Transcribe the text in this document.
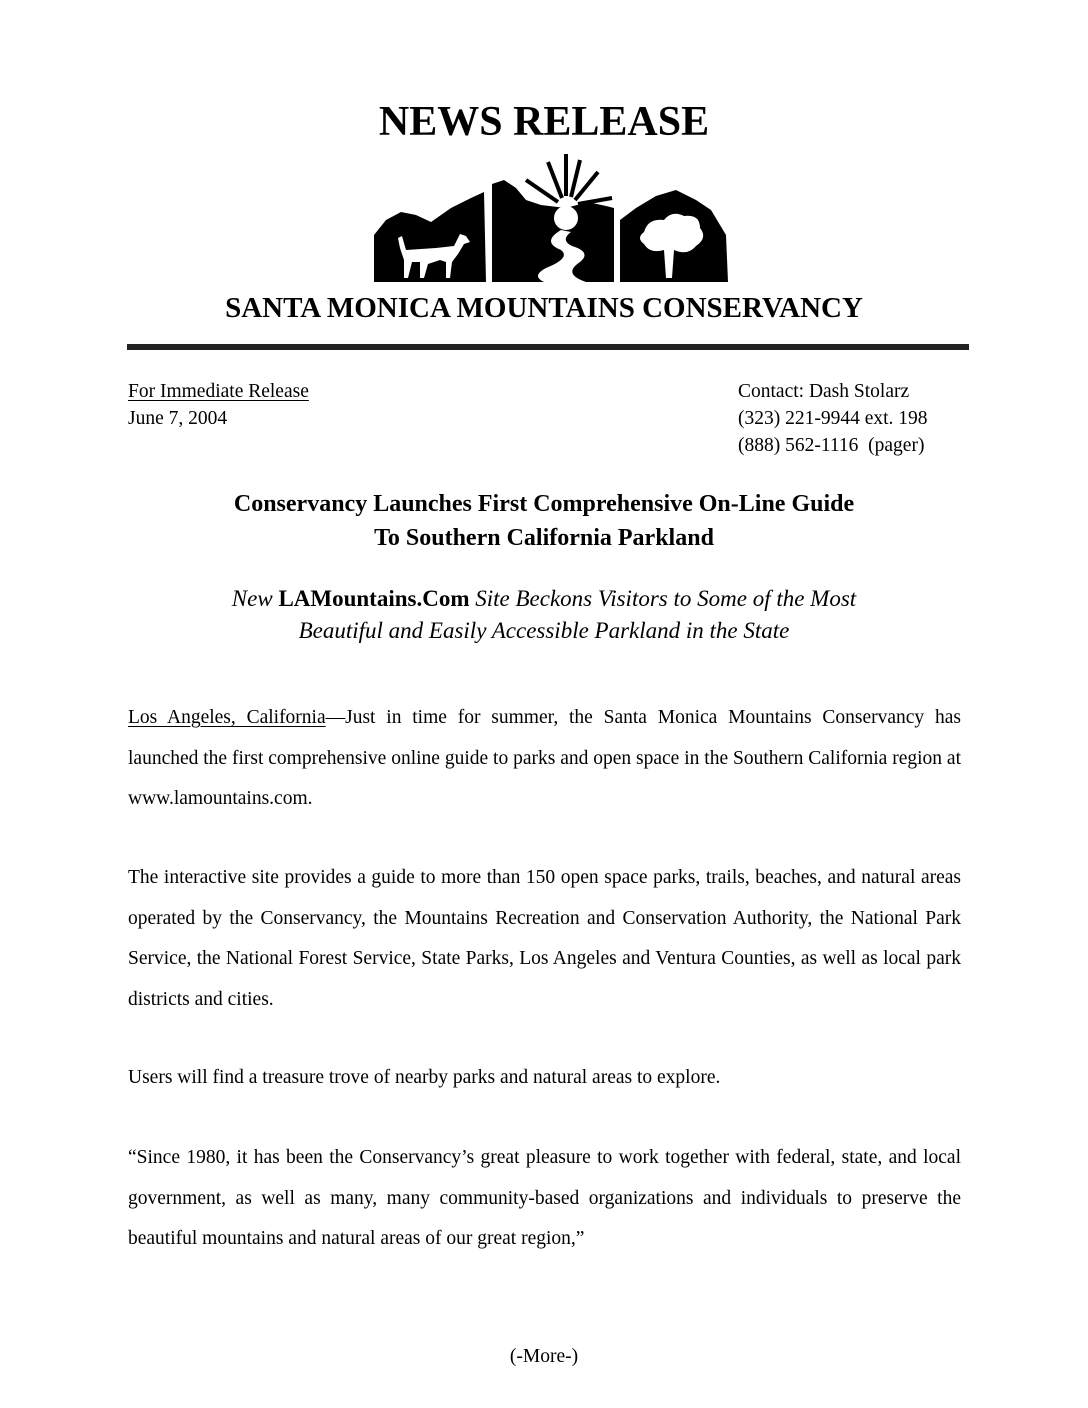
NEWS RELEASE
SANTA MONICA MOUNTAINS CONSERVANCY
For Immediate Release
June 7, 2004
Contact: Dash Stolarz
(323) 221-9944 ext. 198
(888) 562-1116  (pager)
Conservancy Launches First Comprehensive On-Line Guide
To Southern California Parkland
New LAMountains.Com Site Beckons Visitors to Some of the Most
Beautiful and Easily Accessible Parkland in the State
Los Angeles, California—Just in time for summer, the Santa Monica Mountains Conservancy has launched the first comprehensive online guide to parks and open space in the Southern California region at www.lamountains.com.
The interactive site provides a guide to more than 150 open space parks, trails, beaches, and natural areas operated by the Conservancy, the Mountains Recreation and Conservation Authority, the National Park Service, the National Forest Service, State Parks, Los Angeles and Ventura Counties, as well as local park districts and cities.
Users will find a treasure trove of nearby parks and natural areas to explore.
“Since 1980, it has been the Conservancy’s great pleasure to work together with federal, state, and local government, as well as many, many community-based organizations and individuals to preserve the beautiful mountains and natural areas of our great region,”
(-More-)
